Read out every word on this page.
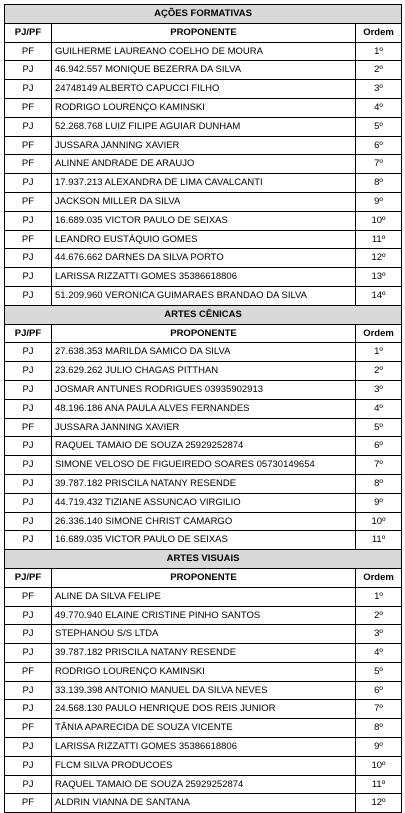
AÇÕES FORMATIVAS		
PJ/PF	PROPONENTE	Ordem
PF	GUILHERME LAUREANO COELHO DE MOURA	1º
PJ	46.942.557 MONIQUE BEZERRA DA SILVA	2º
PJ	24748149 ALBERTO CAPUCCI FILHO	3º
PF	RODRIGO LOURENÇO KAMINSKI	4º
PJ	52.268.768 LUIZ FILIPE AGUIAR DUNHAM	5º
PF	JUSSARA JANNING XAVIER	6º
PF	ALINNE ANDRADE DE ARAUJO	7º
PJ	17.937.213 ALEXANDRA DE LIMA CAVALCANTI	8º
PF	JACKSON MILLER DA SILVA	9º
PJ	16.689.035 VICTOR PAULO DE SEIXAS	10º
PF	LEANDRO EUSTÁQUIO GOMES	11º
PJ	44.676.662 DARNES DA SILVA PORTO	12º
PJ	LARISSA RIZZATTI GOMES 35386618806	13º
PJ	51.209.960 VERONICA GUIMARAES BRANDAO DA SILVA	14º
ARTES CÊNICAS		
PJ/PF	PROPONENTE	Ordem
PJ	27.638.353 MARILDA SAMICO DA SILVA	1º
PJ	23.629.262 JULIO CHAGAS PITTHAN	2º
PJ	JOSMAR ANTUNES RODRIGUES 03935902913	3º
PJ	48.196.186 ANA PAULA ALVES FERNANDES	4º
PF	JUSSARA JANNING XAVIER	5º
PJ	RAQUEL TAMAIO DE SOUZA 25929252874	6º
PJ	SIMONE VELOSO DE FIGUEIREDO SOARES 05730149654	7º
PJ	39.787.182 PRISCILA NATANY RESENDE	8º
PJ	44.719.432 TIZIANE ASSUNCAO VIRGILIO	9º
PJ	26.336.140 SIMONE CHRIST CAMARGO	10º
PJ	16.689.035 VICTOR PAULO DE SEIXAS	11º
ARTES VISUAIS		
PJ/PF	PROPONENTE	Ordem
PF	ALINE DA SILVA FELIPE	1º
PJ	49.770.940 ELAINE CRISTINE PINHO SANTOS	2º
PJ	STEPHANOU S/S LTDA	3º
PJ	39.787.182 PRISCILA NATANY RESENDE	4º
PF	RODRIGO LOURENÇO KAMINSKI	5º
PJ	33.139.398 ANTONIO MANUEL DA SILVA NEVES	6º
PJ	24.568.130 PAULO HENRIQUE DOS REIS JUNIOR	7º
PF	TÂNIA APARECIDA DE SOUZA VICENTE	8º
PJ	LARISSA RIZZATTI GOMES 35386618806	9º
PJ	FLCM SILVA PRODUCOES	10º
PJ	RAQUEL TAMAIO DE SOUZA 25929252874	11º
PF	ALDRIN VIANNA DE SANTANA	12º
